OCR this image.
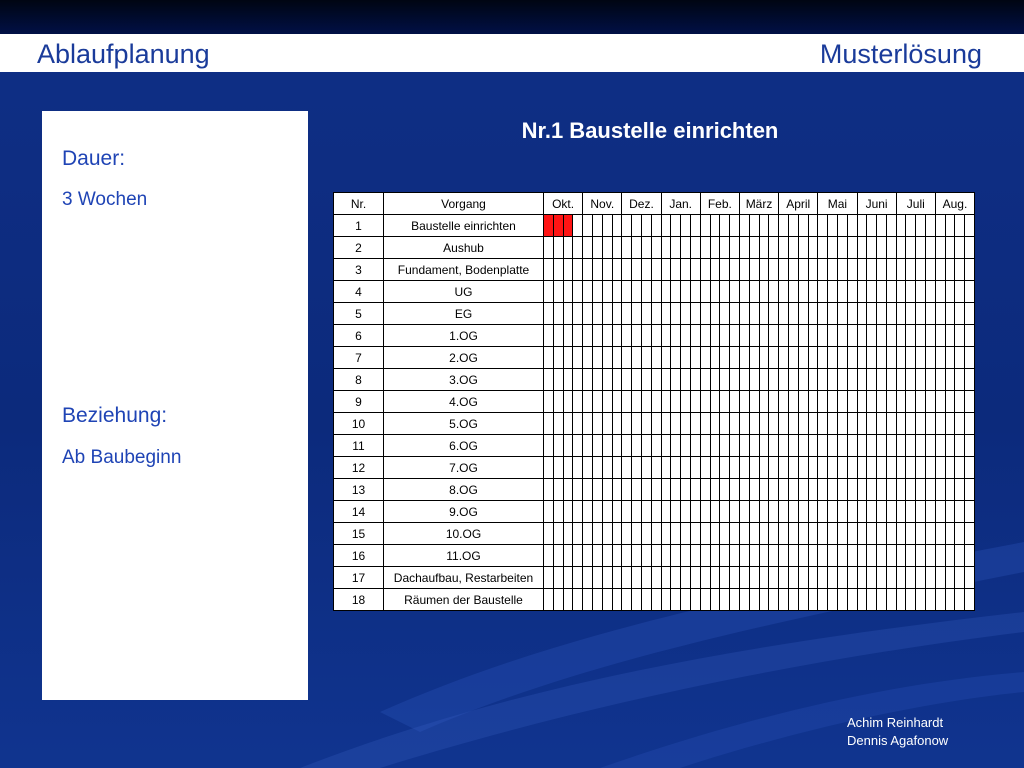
Ablaufplanung	Musterlösung
Dauer:
3 Wochen
Beziehung:
Ab Baubeginn
Nr.1 Baustelle einrichten
Nr.	Vorgang	Okt.				Nov.				Dez.				Jan.				Feb.				März				April				Mai				Juni				Juli				Aug.			
1	Baustelle einrichten																																												
2	Aushub																																												
3	Fundament, Bodenplatte																																												
4	UG																																												
5	EG																																												
6	1.OG																																												
7	2.OG																																												
8	3.OG																																												
9	4.OG																																												
10	5.OG																																												
11	6.OG																																												
12	7.OG																																												
13	8.OG																																												
14	9.OG																																												
15	10.OG																																												
16	11.OG																																												
17	Dachaufbau, Restarbeiten																																												
18	Räumen der Baustelle																																												
Achim Reinhardt
Dennis Agafonow
